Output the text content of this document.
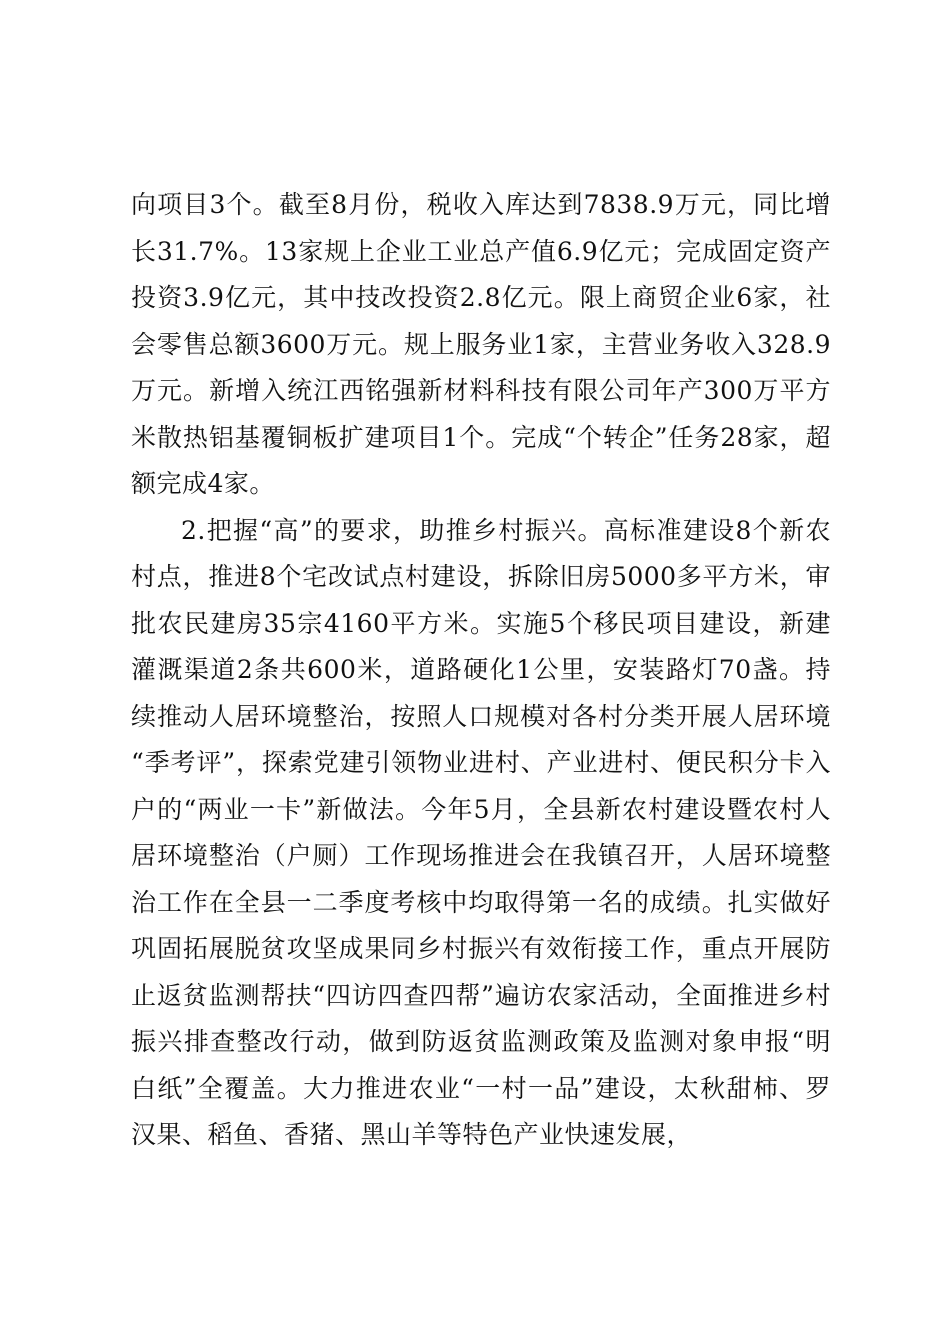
向项目3个。截至8月份，税收入库达到7838.9万元，同比增长31.7%。13家规上企业工业总产值6.9亿元；完成固定资产投资3.9亿元，其中技改投资2.8亿元。限上商贸企业6家，社会零售总额3600万元。规上服务业1家，主营业务收入328.9万元。新增入统江西铭强新材料科技有限公司年产300万平方米散热铝基覆铜板扩建项目1个。完成“个转企”任务28家，超额完成4家。

2.把握“高”的要求，助推乡村振兴。高标准建设8个新农村点，推进8个宅改试点村建设，拆除旧房5000多平方米，审批农民建房35宗4160平方米。实施5个移民项目建设，新建灌溉渠道2条共600米，道路硬化1公里，安装路灯70盏。持续推动人居环境整治，按照人口规模对各村分类开展人居环境“季考评”，探索党建引领物业进村、产业进村、便民积分卡入户的“两业一卡”新做法。今年5月，全县新农村建设暨农村人居环境整治（户厕）工作现场推进会在我镇召开，人居环境整治工作在全县一二季度考核中均取得第一名的成绩。扎实做好巩固拓展脱贫攻坚成果同乡村振兴有效衔接工作，重点开展防止返贫监测帮扶“四访四查四帮”遍访农家活动，全面推进乡村振兴排查整改行动，做到防返贫监测政策及监测对象申报“明白纸”全覆盖。大力推进农业“一村一品”建设，太秋甜柿、罗汉果、稻鱼、香猪、黑山羊等特色产业快速发展，
